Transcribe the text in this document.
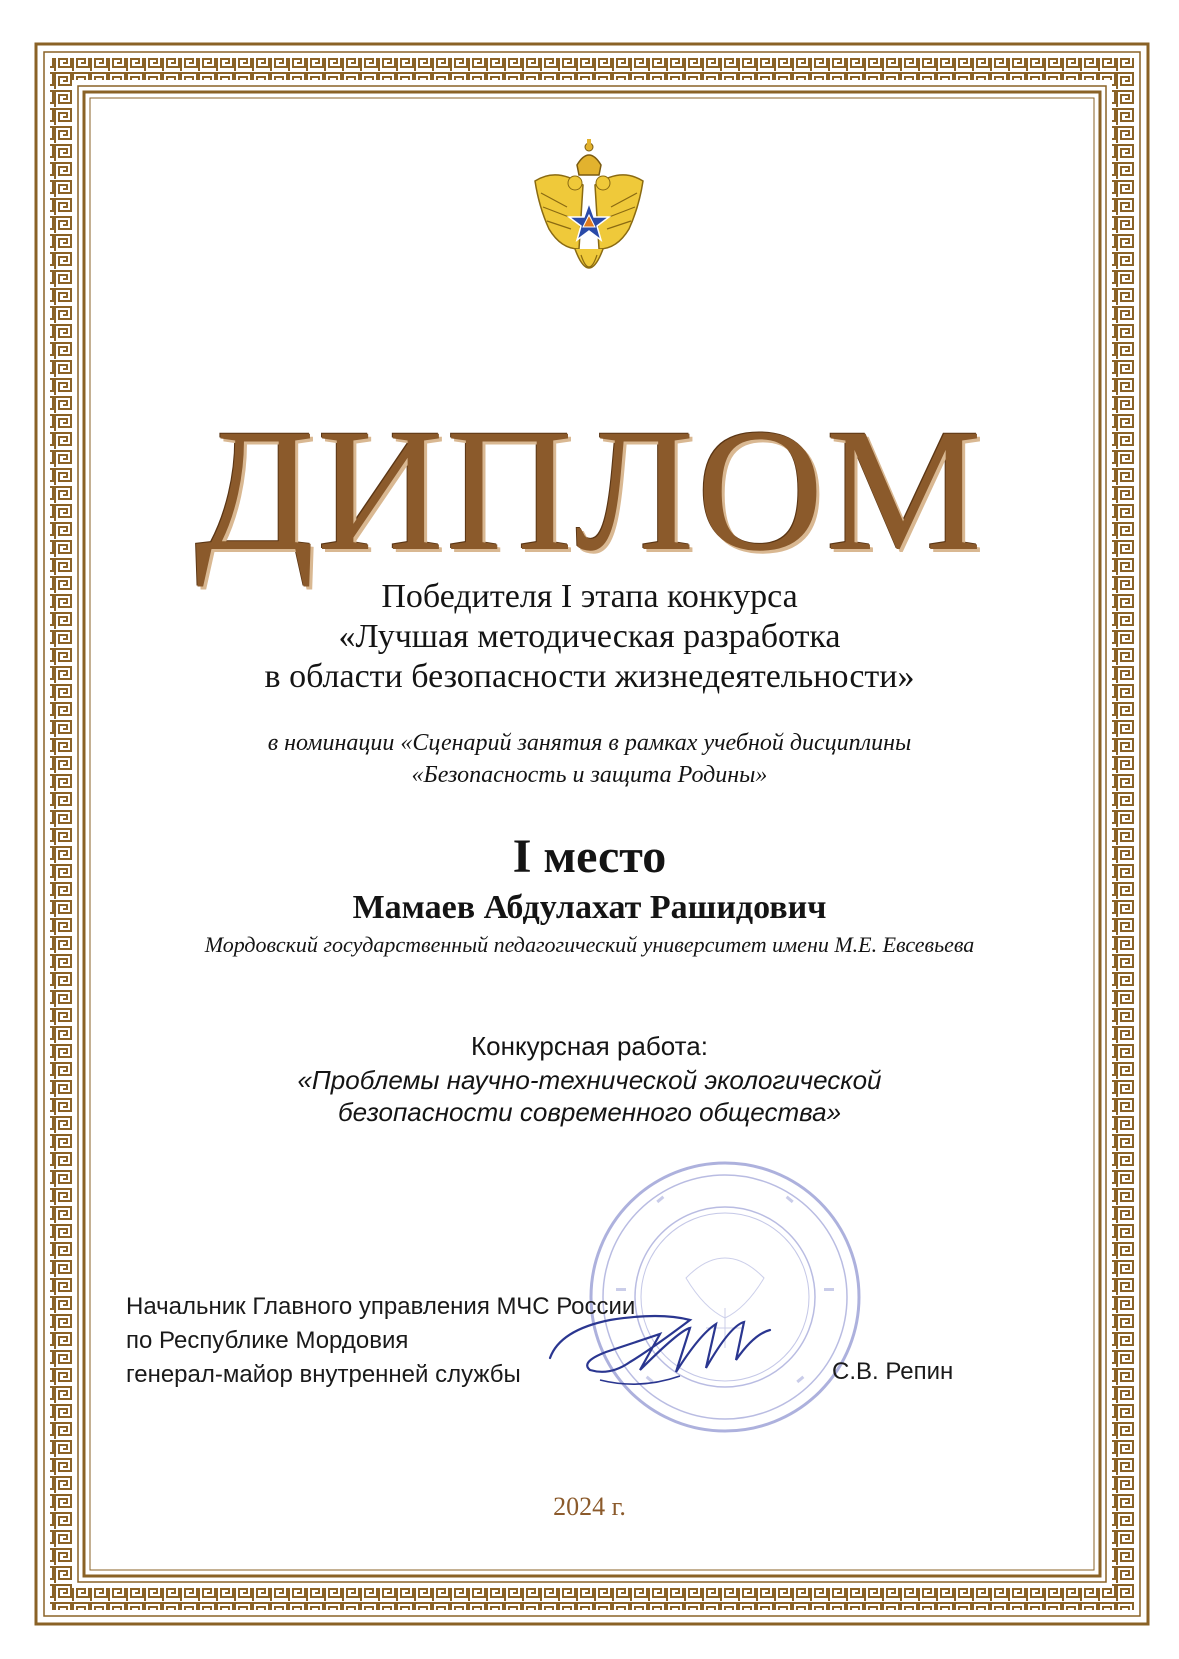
ДИПЛОМ
Победителя I этапа конкурса
«Лучшая методическая разработка
в области безопасности жизнедеятельности»
в номинации «Сценарий занятия в рамках учебной дисциплины
«Безопасность и защита Родины»
I место
Мамаев Абдулахат Рашидович
Мордовский государственный педагогический университет имени М.Е. Евсевьева
Конкурсная работа:
«Проблемы научно-технической экологической
безопасности современного общества»
Начальник Главного управления МЧС России
по Республике Мордовия
генерал-майор внутренней службы	С.В. Репин
2024 г.
